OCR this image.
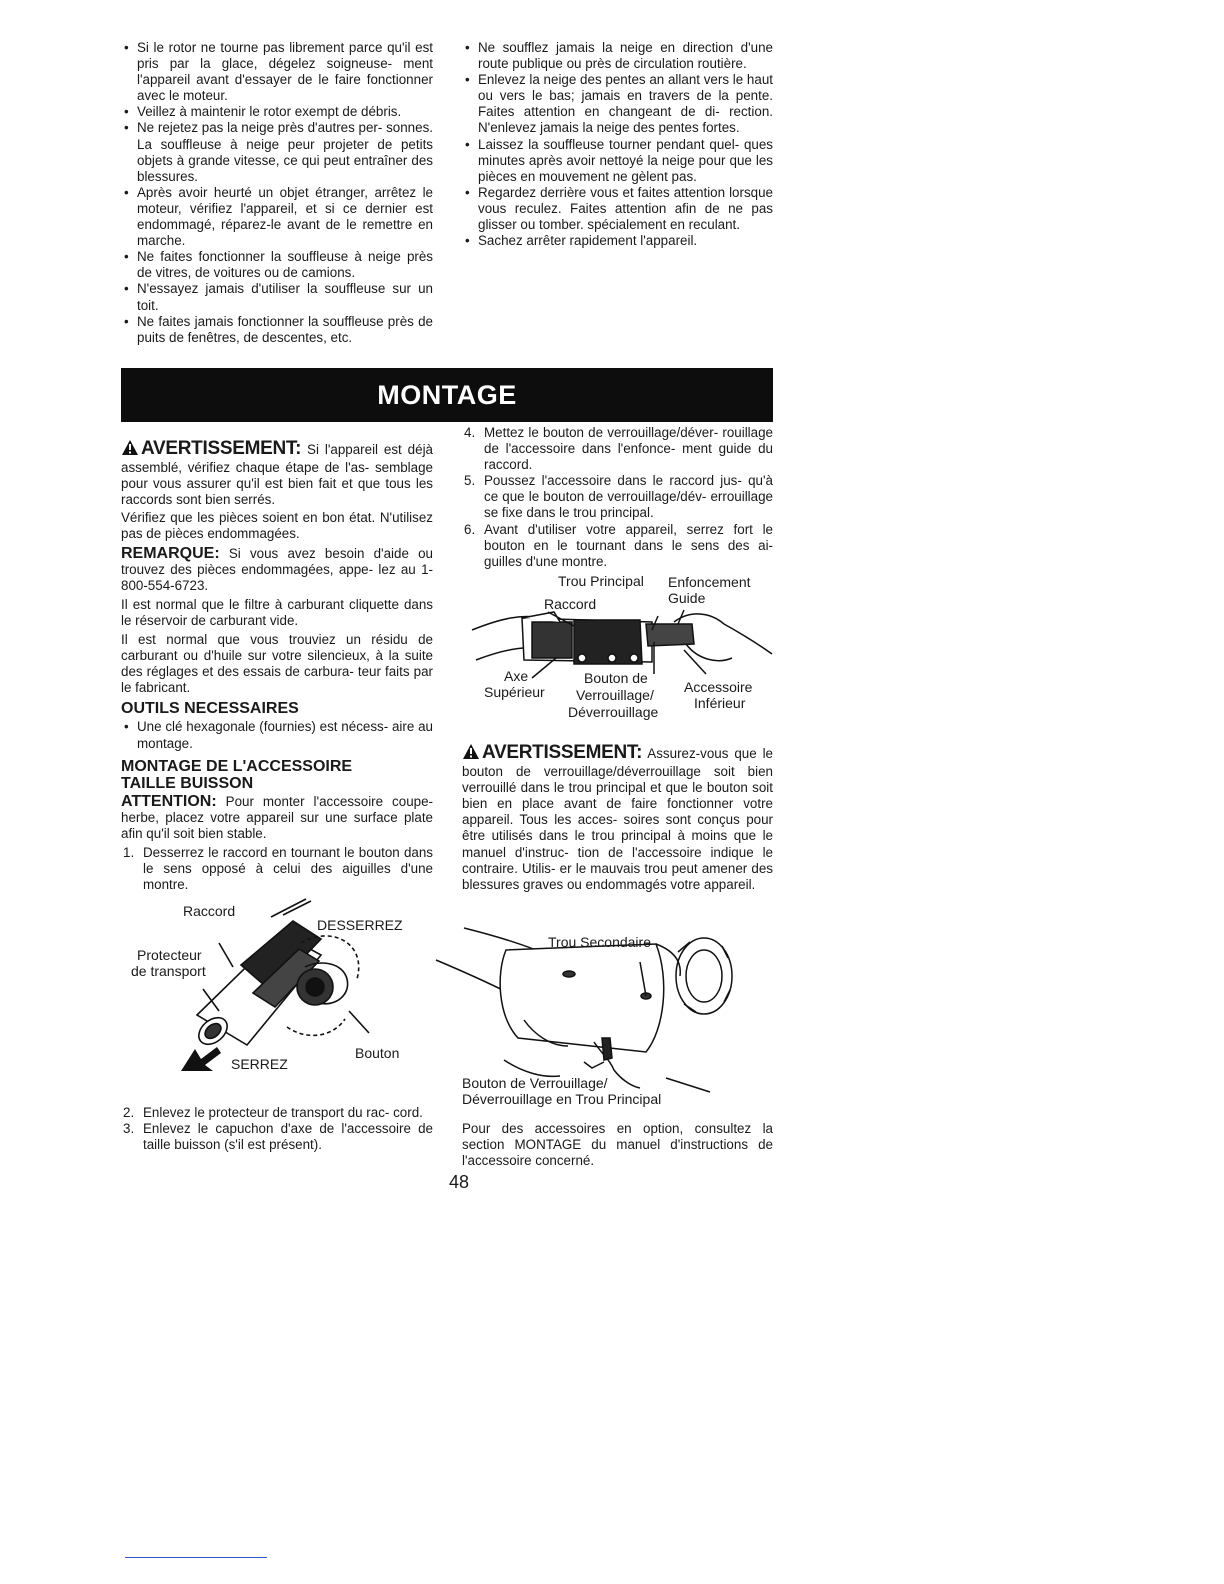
• Si le rotor ne tourne pas librement parce qu'il est pris par la glace, dégelez soigneuse- ment l'appareil avant d'essayer de le faire fonctionner avec le moteur.
• Veillez à maintenir le rotor exempt de débris.
• Ne rejetez pas la neige près d'autres per- sonnes. La souffleuse à neige peur projeter de petits objets à grande vitesse, ce qui peut entraîner des blessures.
• Après avoir heurté un objet étranger, arrêtez le moteur, vérifiez l'appareil, et si ce dernier est endommagé, réparez-le avant de le remettre en marche.
• Ne faites fonctionner la souffleuse à neige près de vitres, de voitures ou de camions.
• N'essayez jamais d'utiliser la souffleuse sur un toit.
• Ne faites jamais fonctionner la souffleuse près de puits de fenêtres, de descentes, etc.
• Ne soufflez jamais la neige en direction d'une route publique ou près de circulation routière.
• Enlevez la neige des pentes an allant vers le haut ou vers le bas; jamais en travers de la pente. Faites attention en changeant de di- rection. N'enlevez jamais la neige des pentes fortes.
• Laissez la souffleuse tourner pendant quel- ques minutes après avoir nettoyé la neige pour que les pièces en mouvement ne gèlent pas.
• Regardez derrière vous et faites attention lorsque vous reculez. Faites attention afin de ne pas glisser ou tomber. spécialement en reculant.
• Sachez arrêter rapidement l'appareil.
MONTAGE

AVERTISSEMENT: Si l'appareil est déjà assemblé, vérifiez chaque étape de l'as- semblage pour vous assurer qu'il est bien fait et que tous les raccords sont bien serrés.

Vérifiez que les pièces soient en bon état. N'utilisez pas de pièces endommagées.

REMARQUE: Si vous avez besoin d'aide ou trouvez des pièces endommagées, appe- lez au 1-800-554-6723.

Il est normal que le filtre à carburant cliquette dans le réservoir de carburant vide.

Il est normal que vous trouviez un résidu de carburant ou d'huile sur votre silencieux, à la suite des réglages et des essais de carbura- teur faits par le fabricant.

OUTILS NECESSAIRES
• Une clé hexagonale (fournies) est nécess- aire au montage.
MONTAGE DE L'ACCESSOIRE
TAILLE BUISSON

ATTENTION: Pour monter l'accessoire coupe-herbe, placez votre appareil sur une surface plate afin qu'il soit bien stable.

1. Desserrez le raccord en tournant le bouton dans le sens opposé à celui des aiguilles d'une montre.
Raccord
DESSERREZ
Protecteur
de transport
SERREZ
Bouton
2. Enlevez le protecteur de transport du rac- cord.
3. Enlevez le capuchon d'axe de l'accessoire de taille buisson (s'il est présent).
4. Mettez le bouton de verrouillage/déver- rouillage de l'accessoire dans l'enfonce- ment guide du raccord.
5. Poussez l'accessoire dans le raccord jus- qu'à ce que le bouton de verrouillage/dév- errouillage se fixe dans le trou principal.
6. Avant d'utiliser votre appareil, serrez fort le bouton en le tournant dans le sens des ai- guilles d'une montre.
Trou Principal Enfoncement
Guide
Raccord
Axe
Supérieur
Bouton de
Verrouillage/
Déverrouillage
Accessoire
Inférieur

AVERTISSEMENT: Assurez-vous que le bouton de verrouillage/déverrouillage soit bien verrouillé dans le trou principal et que le bouton soit bien en place avant de faire fonctionner votre appareil. Tous les acces- soires sont conçus pour être utilisés dans le trou principal à moins que le manuel d'instruc- tion de l'accessoire indique le contraire. Utilis- er le mauvais trou peut amener des blessures graves ou endommagés votre appareil.

Trou Secondaire
Bouton de Verrouillage/
Déverrouillage en Trou Principal

Pour des accessoires en option, consultez la section MONTAGE du manuel d'instructions de l'accessoire concerné.

48
